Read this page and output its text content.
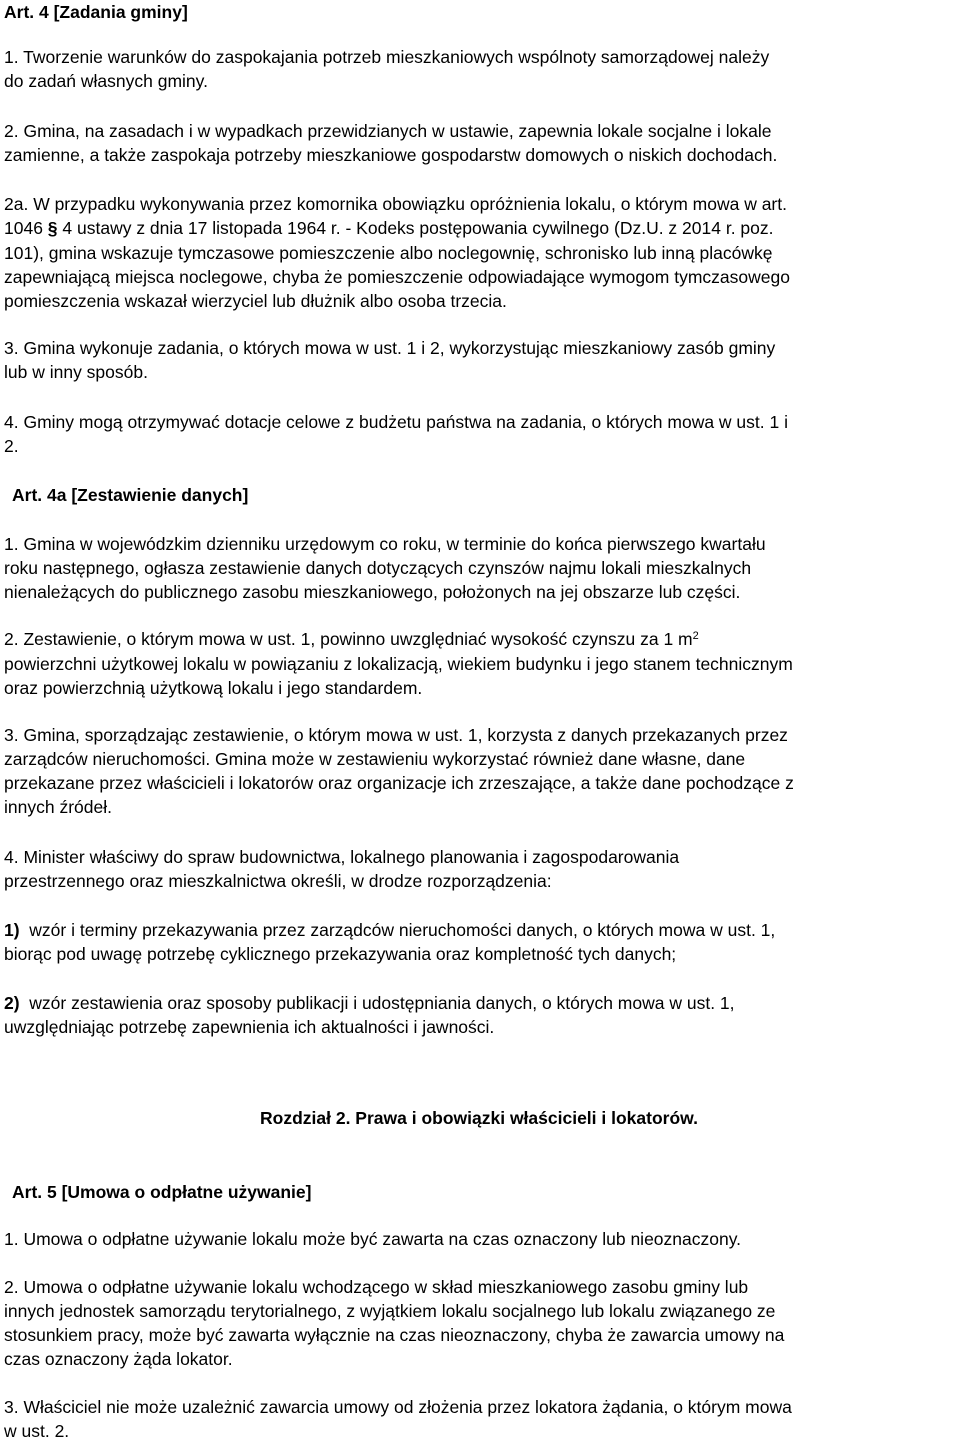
Art. 4 [Zadania gminy]
1. Tworzenie warunków do zaspokajania potrzeb mieszkaniowych wspólnoty samorządowej należy
do zadań własnych gminy.
2. Gmina, na zasadach i w wypadkach przewidzianych w ustawie, zapewnia lokale socjalne i lokale
zamienne, a także zaspokaja potrzeby mieszkaniowe gospodarstw domowych o niskich dochodach.
2a. W przypadku wykonywania przez komornika obowiązku opróżnienia lokalu, o którym mowa w art.
1046 § 4 ustawy z dnia 17 listopada 1964 r. - Kodeks postępowania cywilnego (Dz.U. z 2014 r. poz.
101), gmina wskazuje tymczasowe pomieszczenie albo noclegownię, schronisko lub inną placówkę
zapewniającą miejsca noclegowe, chyba że pomieszczenie odpowiadające wymogom tymczasowego
pomieszczenia wskazał wierzyciel lub dłużnik albo osoba trzecia.
3. Gmina wykonuje zadania, o których mowa w ust. 1 i 2, wykorzystując mieszkaniowy zasób gminy
lub w inny sposób.
4. Gminy mogą otrzymywać dotacje celowe z budżetu państwa na zadania, o których mowa w ust. 1 i
2.
Art. 4a [Zestawienie danych]
1. Gmina w wojewódzkim dzienniku urzędowym co roku, w terminie do końca pierwszego kwartału
roku następnego, ogłasza zestawienie danych dotyczących czynszów najmu lokali mieszkalnych
nienależących do publicznego zasobu mieszkaniowego, położonych na jej obszarze lub części.
2. Zestawienie, o którym mowa w ust. 1, powinno uwzględniać wysokość czynszu za 1 $m^2$
powierzchni użytkowej lokalu w powiązaniu z lokalizacją, wiekiem budynku i jego stanem technicznym
oraz powierzchnią użytkową lokalu i jego standardem.
3. Gmina, sporządzając zestawienie, o którym mowa w ust. 1, korzysta z danych przekazanych przez
zarządców nieruchomości. Gmina może w zestawieniu wykorzystać również dane własne, dane
przekazane przez właścicieli i lokatorów oraz organizacje ich zrzeszające, a także dane pochodzące z
innych źródeł.
4. Minister właściwy do spraw budownictwa, lokalnego planowania i zagospodarowania
przestrzennego oraz mieszkalnictwa określi, w drodze rozporządzenia:
1)  wzór i terminy przekazywania przez zarządców nieruchomości danych, o których mowa w ust. 1,
biorąc pod uwagę potrzebę cyklicznego przekazywania oraz kompletność tych danych;
2)  wzór zestawienia oraz sposoby publikacji i udostępniania danych, o których mowa w ust. 1,
uwzględniając potrzebę zapewnienia ich aktualności i jawności.
Rozdział 2. Prawa i obowiązki właścicieli i lokatorów.
Art. 5 [Umowa o odpłatne używanie]
1. Umowa o odpłatne używanie lokalu może być zawarta na czas oznaczony lub nieoznaczony.
2. Umowa o odpłatne używanie lokalu wchodzącego w skład mieszkaniowego zasobu gminy lub
innych jednostek samorządu terytorialnego, z wyjątkiem lokalu socjalnego lub lokalu związanego ze
stosunkiem pracy, może być zawarta wyłącznie na czas nieoznaczony, chyba że zawarcia umowy na
czas oznaczony żąda lokator.
3. Właściciel nie może uzależnić zawarcia umowy od złożenia przez lokatora żądania, o którym mowa
w ust. 2.
